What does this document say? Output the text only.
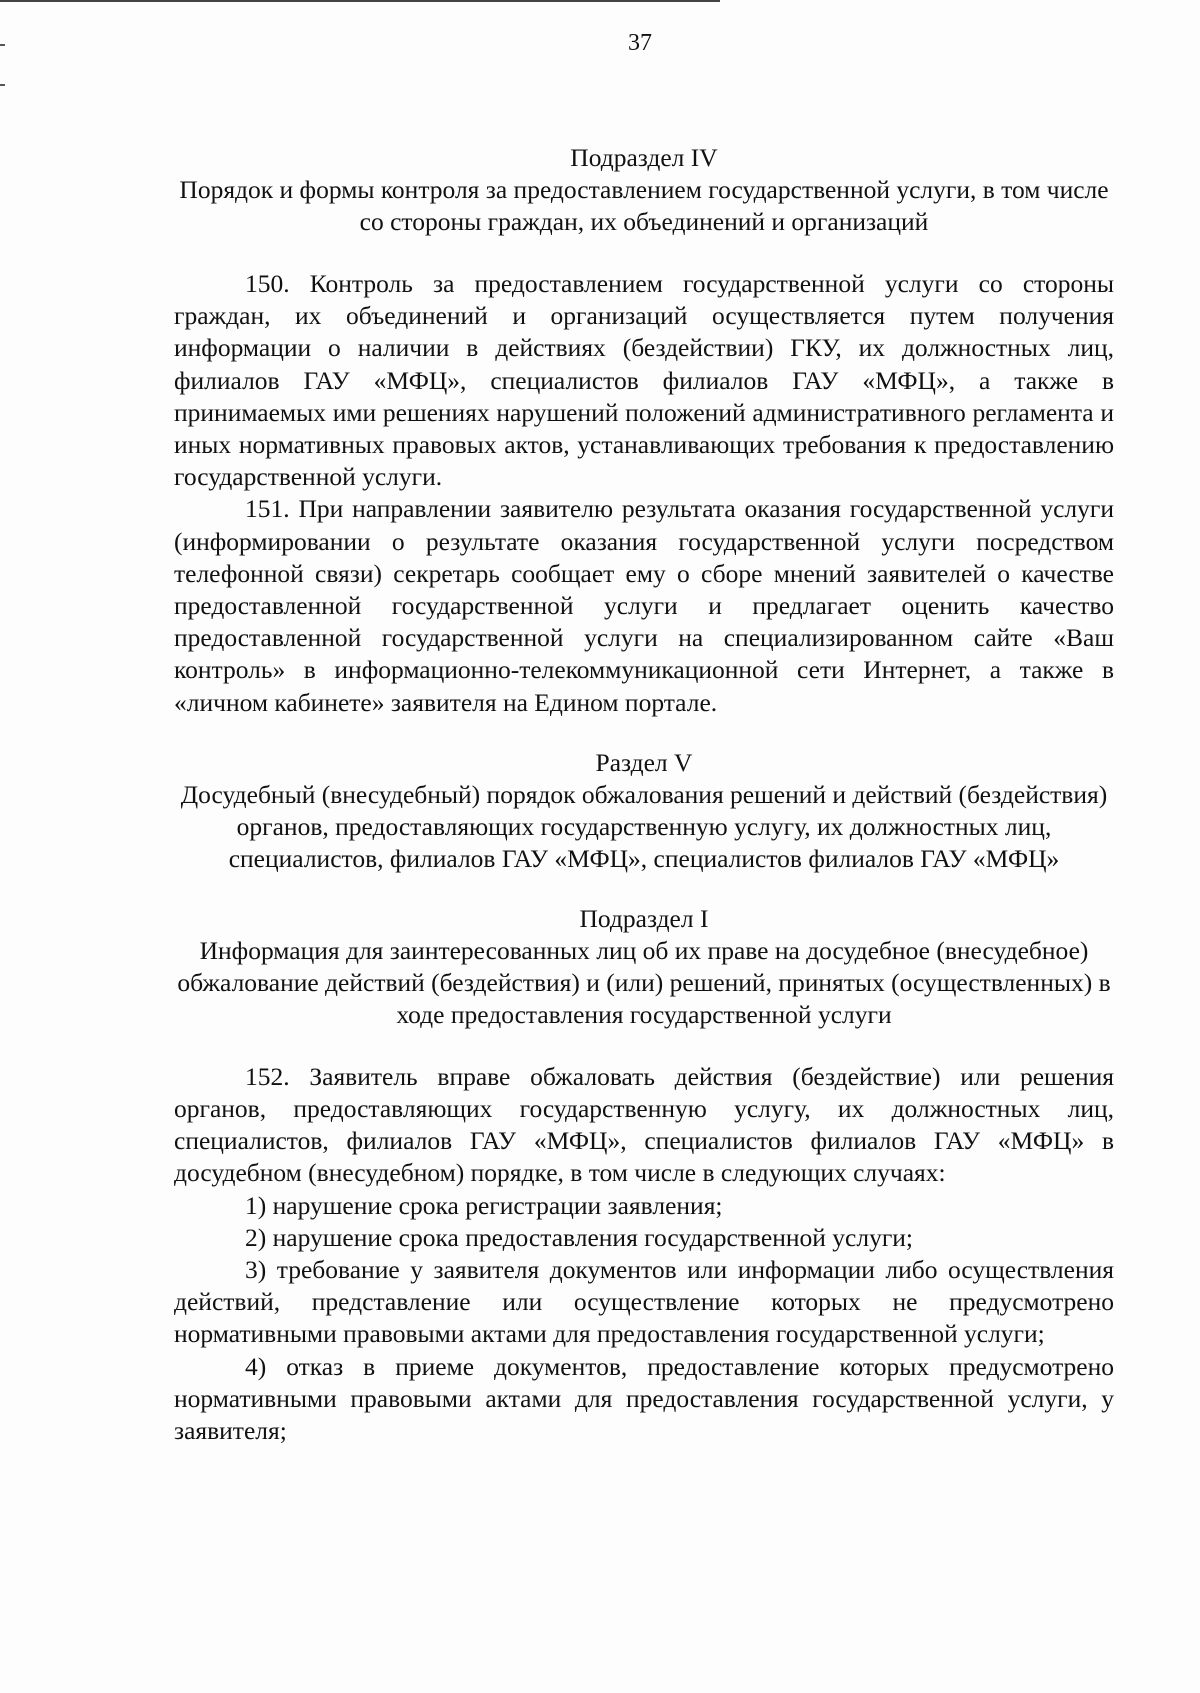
37
Подраздел IV
Порядок и формы контроля за предоставлением государственной услуги, в том числе со стороны граждан, их объединений и организаций

150. Контроль за предоставлением государственной услуги со стороны граждан, их объединений и организаций осуществляется путем получения информации о наличии в действиях (бездействии) ГКУ, их должностных лиц, филиалов ГАУ «МФЦ», специалистов филиалов ГАУ «МФЦ», а также в принимаемых ими решениях нарушений положений административного регламента и иных нормативных правовых актов, устанавливающих требования к предоставлению государственной услуги.

151. При направлении заявителю результата оказания государственной услуги (информировании о результате оказания государственной услуги посредством телефонной связи) секретарь сообщает ему о сборе мнений заявителей о качестве предоставленной государственной услуги и предлагает оценить качество предоставленной государственной услуги на специализированном сайте «Ваш контроль» в информационно-телекоммуникационной сети Интернет, а также в «личном кабинете» заявителя на Едином портале.

Раздел V
Досудебный (внесудебный) порядок обжалования решений и действий (бездействия) органов, предоставляющих государственную услугу, их должностных лиц, специалистов, филиалов ГАУ «МФЦ», специалистов филиалов ГАУ «МФЦ»
Подраздел I
Информация для заинтересованных лиц об их праве на досудебное (внесудебное) обжалование действий (бездействия) и (или) решений, принятых (осуществленных) в ходе предоставления государственной услуги

152. Заявитель вправе обжаловать действия (бездействие) или решения органов, предоставляющих государственную услугу, их должностных лиц, специалистов, филиалов ГАУ «МФЦ», специалистов филиалов ГАУ «МФЦ» в досудебном (внесудебном) порядке, в том числе в следующих случаях:

1) нарушение срока регистрации заявления;

2) нарушение срока предоставления государственной услуги;

3) требование у заявителя документов или информации либо осуществления действий, представление или осуществление которых не предусмотрено нормативными правовыми актами для предоставления государственной услуги;

4) отказ в приеме документов, предоставление которых предусмотрено нормативными правовыми актами для предоставления государственной услуги, у заявителя;
